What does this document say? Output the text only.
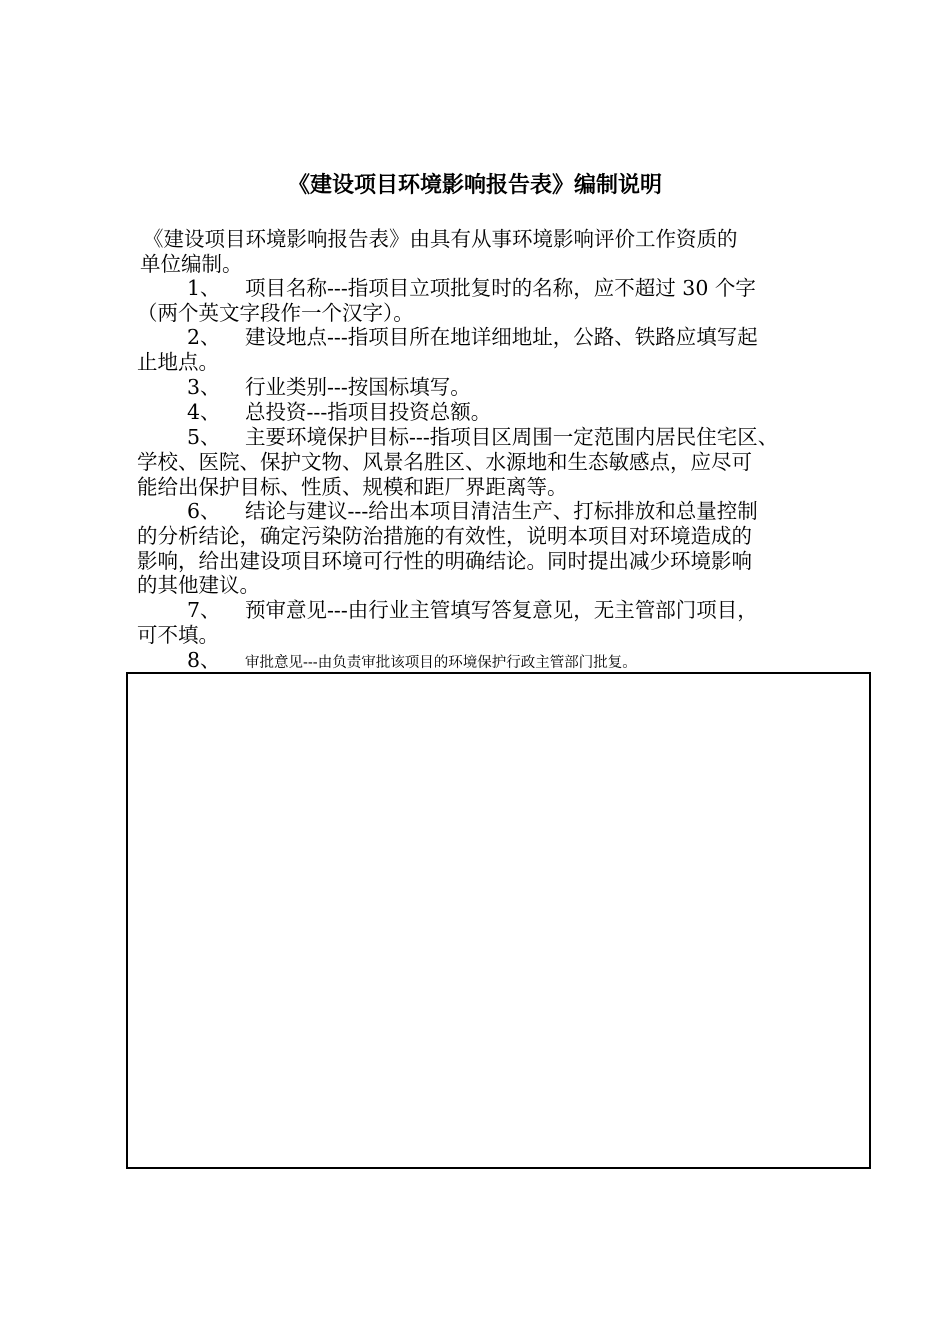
《建设项目环境影响报告表》编制说明
《建设项目环境影响报告表》由具有从事环境影响评价工作资质的
单位编制。
1、 项目名称---指项目立项批复时的名称，应不超过 30 个字
（两个英文字段作一个汉字）。
2、 建设地点---指项目所在地详细地址，公路、铁路应填写起
止地点。
3、 行业类别---按国标填写。
4、 总投资---指项目投资总额。
5、 主要环境保护目标---指项目区周围一定范围内居民住宅区、
学校、医院、保护文物、风景名胜区、水源地和生态敏感点，应尽可
能给出保护目标、性质、规模和距厂界距离等。
6、 结论与建议---给出本项目清洁生产、打标排放和总量控制
的分析结论，确定污染防治措施的有效性，说明本项目对环境造成的
影响，给出建设项目环境可行性的明确结论。同时提出减少环境影响
的其他建议。
7、 预审意见---由行业主管填写答复意见，无主管部门项目，
可不填。
8、 审批意见---由负责审批该项目的环境保护行政主管部门批复。
